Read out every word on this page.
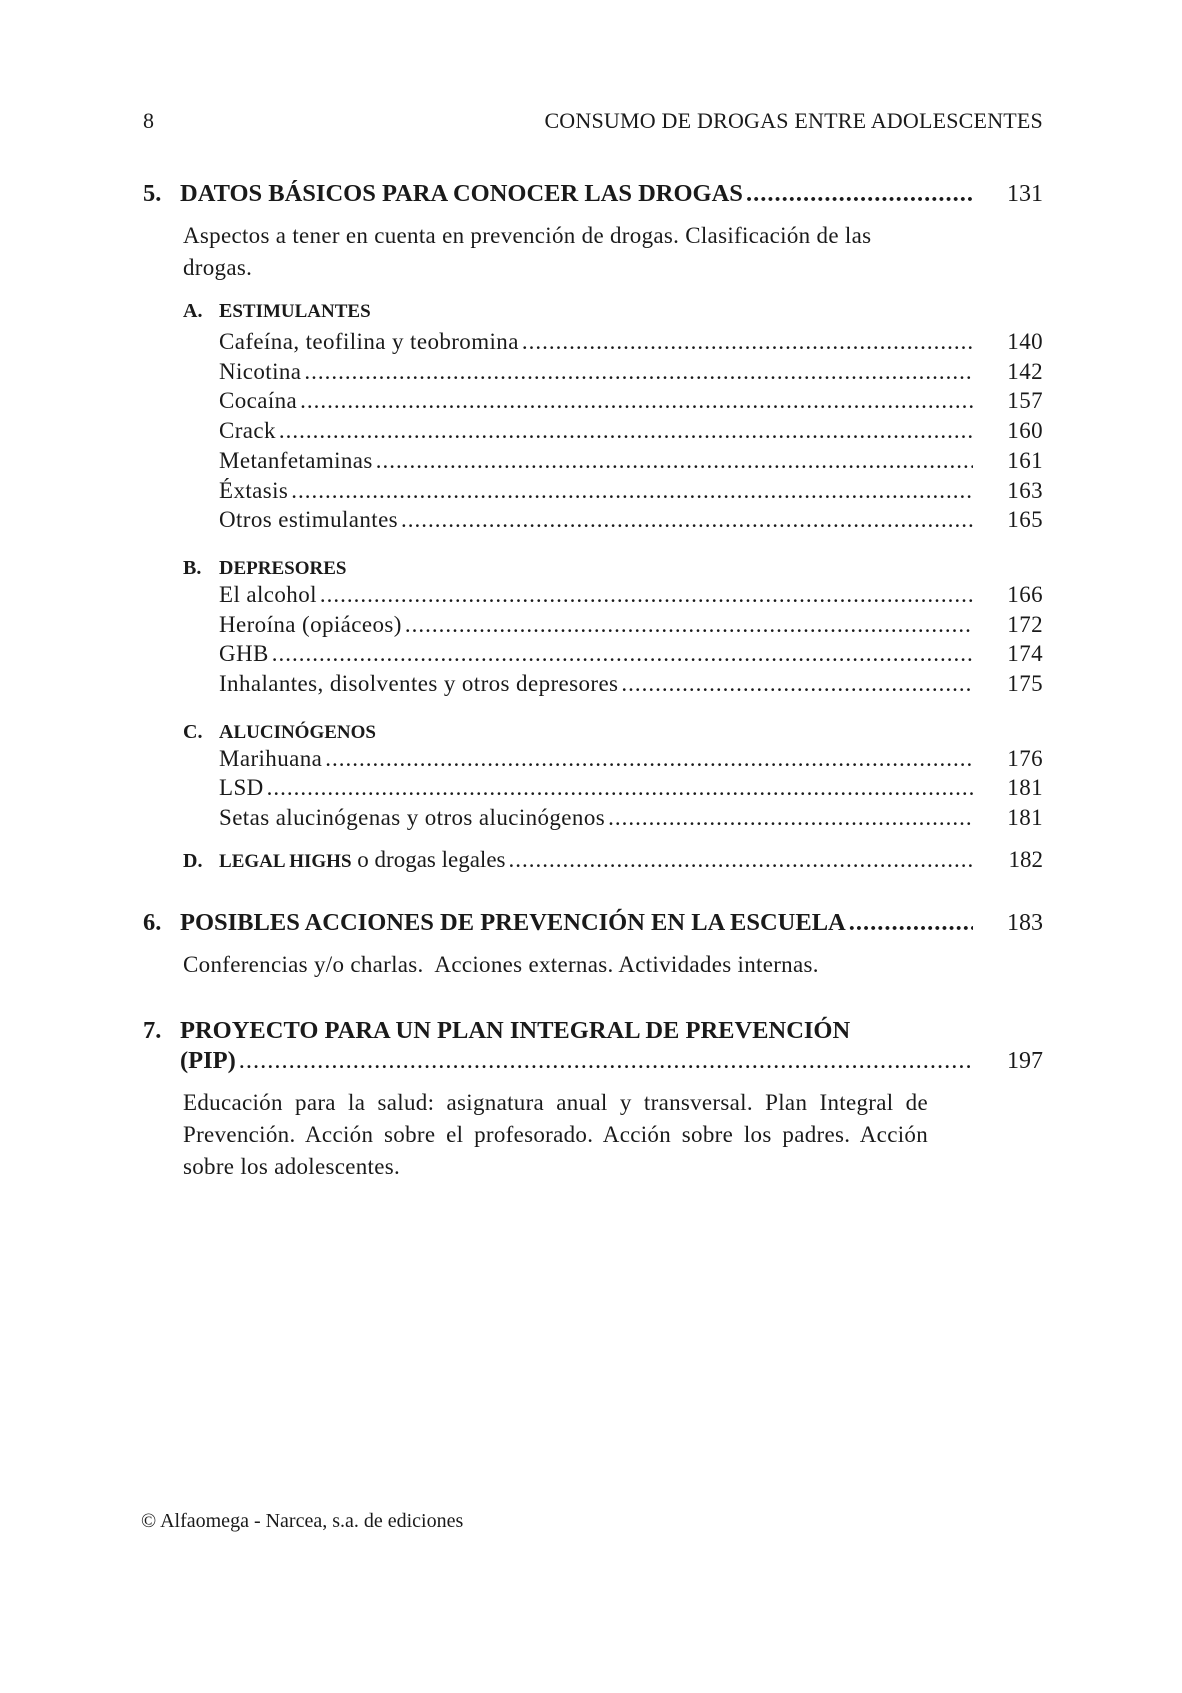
8	CONSUMO DE DROGAS ENTRE ADOLESCENTES
5. DATOS BÁSICOS PARA CONOCER LAS DROGAS .....	131
Aspectos a tener en cuenta en prevención de drogas. Clasificación de las drogas.
A. ESTIMULANTES
Cafeína, teofilina y teobromina .....	140
Nicotina .....	142
Cocaína .....	157
Crack .....	160
Metanfetaminas .....	161
Éxtasis .....	163
Otros estimulantes .....	165
B. DEPRESORES
El alcohol .....	166
Heroína (opiáceos) .....	172
GHB .....	174
Inhalantes, disolventes y otros depresores .....	175
C. ALUCINÓGENOS
Marihuana .....	176
LSD .....	181
Setas alucinógenas y otros alucinógenos .....	181
D. LEGAL HIGHS o drogas legales .....	182
6. POSIBLES ACCIONES DE PREVENCIÓN EN LA ESCUELA .....	183
Conferencias y/o charlas.  Acciones externas. Actividades internas.
7. PROYECTO PARA UN PLAN INTEGRAL DE PREVENCIÓN
(PIP) .....	197
Educación para la salud: asignatura anual y transversal. Plan Integral de Prevención. Acción sobre el profesorado. Acción sobre los padres. Acción sobre los adolescentes.
© Alfaomega - Narcea, s.a. de ediciones
